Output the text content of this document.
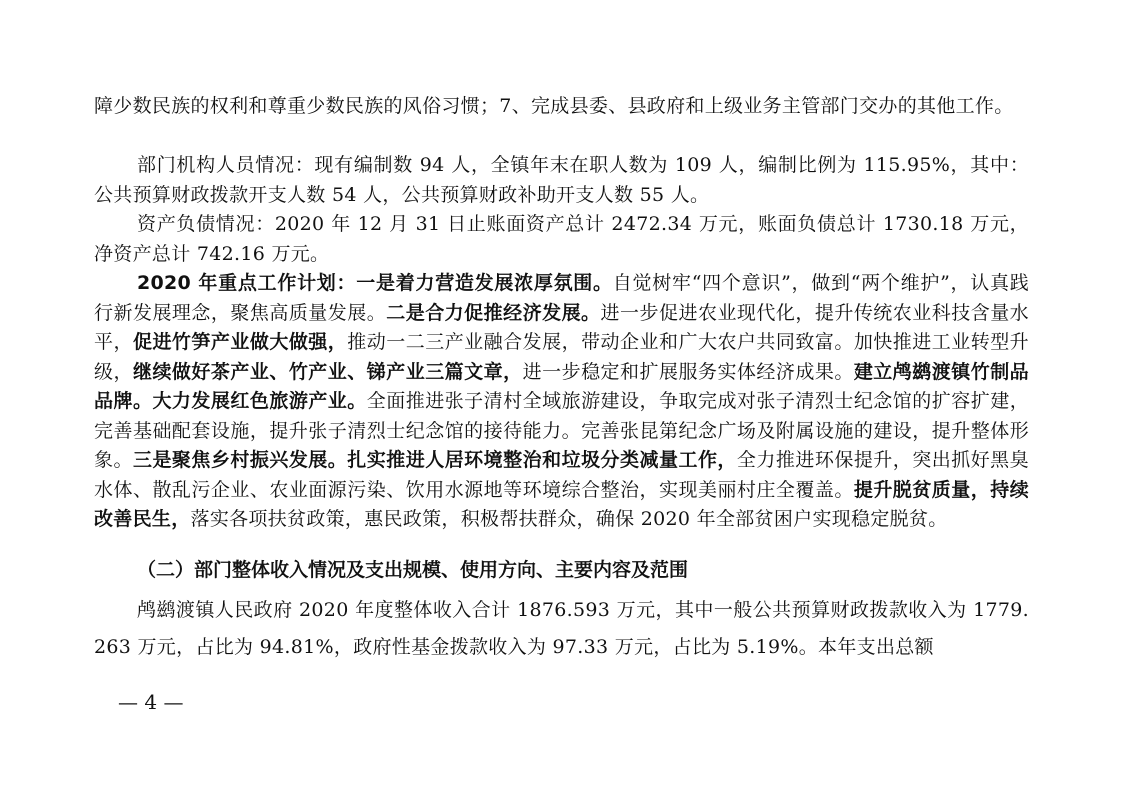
障少数民族的权利和尊重少数民族的风俗习惯；7、完成县委、县政府和上级业务主管部门交办的其他工作。
部门机构人员情况：现有编制数 94 人，全镇年末在职人数为 109 人，编制比例为 115.95%，其中：公共预算财政拨款开支人数 54 人，公共预算财政补助开支人数 55 人。
资产负债情况：2020 年 12 月 31 日止账面资产总计 2472.34 万元，账面负债总计 1730.18 万元，净资产总计 742.16 万元。
2020 年重点工作计划：一是着力营造发展浓厚氛围。自觉树牢“四个意识”，做到“两个维护”，认真践行新发展理念，聚焦高质量发展。二是合力促推经济发展。进一步促进农业现代化，提升传统农业科技含量水平，促进竹笋产业做大做强，推动一二三产业融合发展，带动企业和广大农户共同致富。加快推进工业转型升级，继续做好茶产业、竹产业、锑产业三篇文章，进一步稳定和扩展服务实体经济成果。建立鸬鹚渡镇竹制品品牌。大力发展红色旅游产业。全面推进张子清村全域旅游建设，争取完成对张子清烈士纪念馆的扩容扩建，完善基础配套设施，提升张子清烈士纪念馆的接待能力。完善张昆第纪念广场及附属设施的建设，提升整体形象。三是聚焦乡村振兴发展。扎实推进人居环境整治和垃圾分类减量工作，全力推进环保提升，突出抓好黑臭水体、散乱污企业、农业面源污染、饮用水源地等环境综合整治，实现美丽村庄全覆盖。提升脱贫质量，持续改善民生，落实各项扶贫政策，惠民政策，积极帮扶群众，确保 2020 年全部贫困户实现稳定脱贫。
（二）部门整体收入情况及支出规模、使用方向、主要内容及范围
鸬鹚渡镇人民政府 2020 年度整体收入合计 1876.593 万元，其中一般公共预算财政拨款收入为 1779.263 万元，占比为 94.81%，政府性基金拨款收入为 97.33 万元，占比为 5.19%。本年支出总额
— 4 —
